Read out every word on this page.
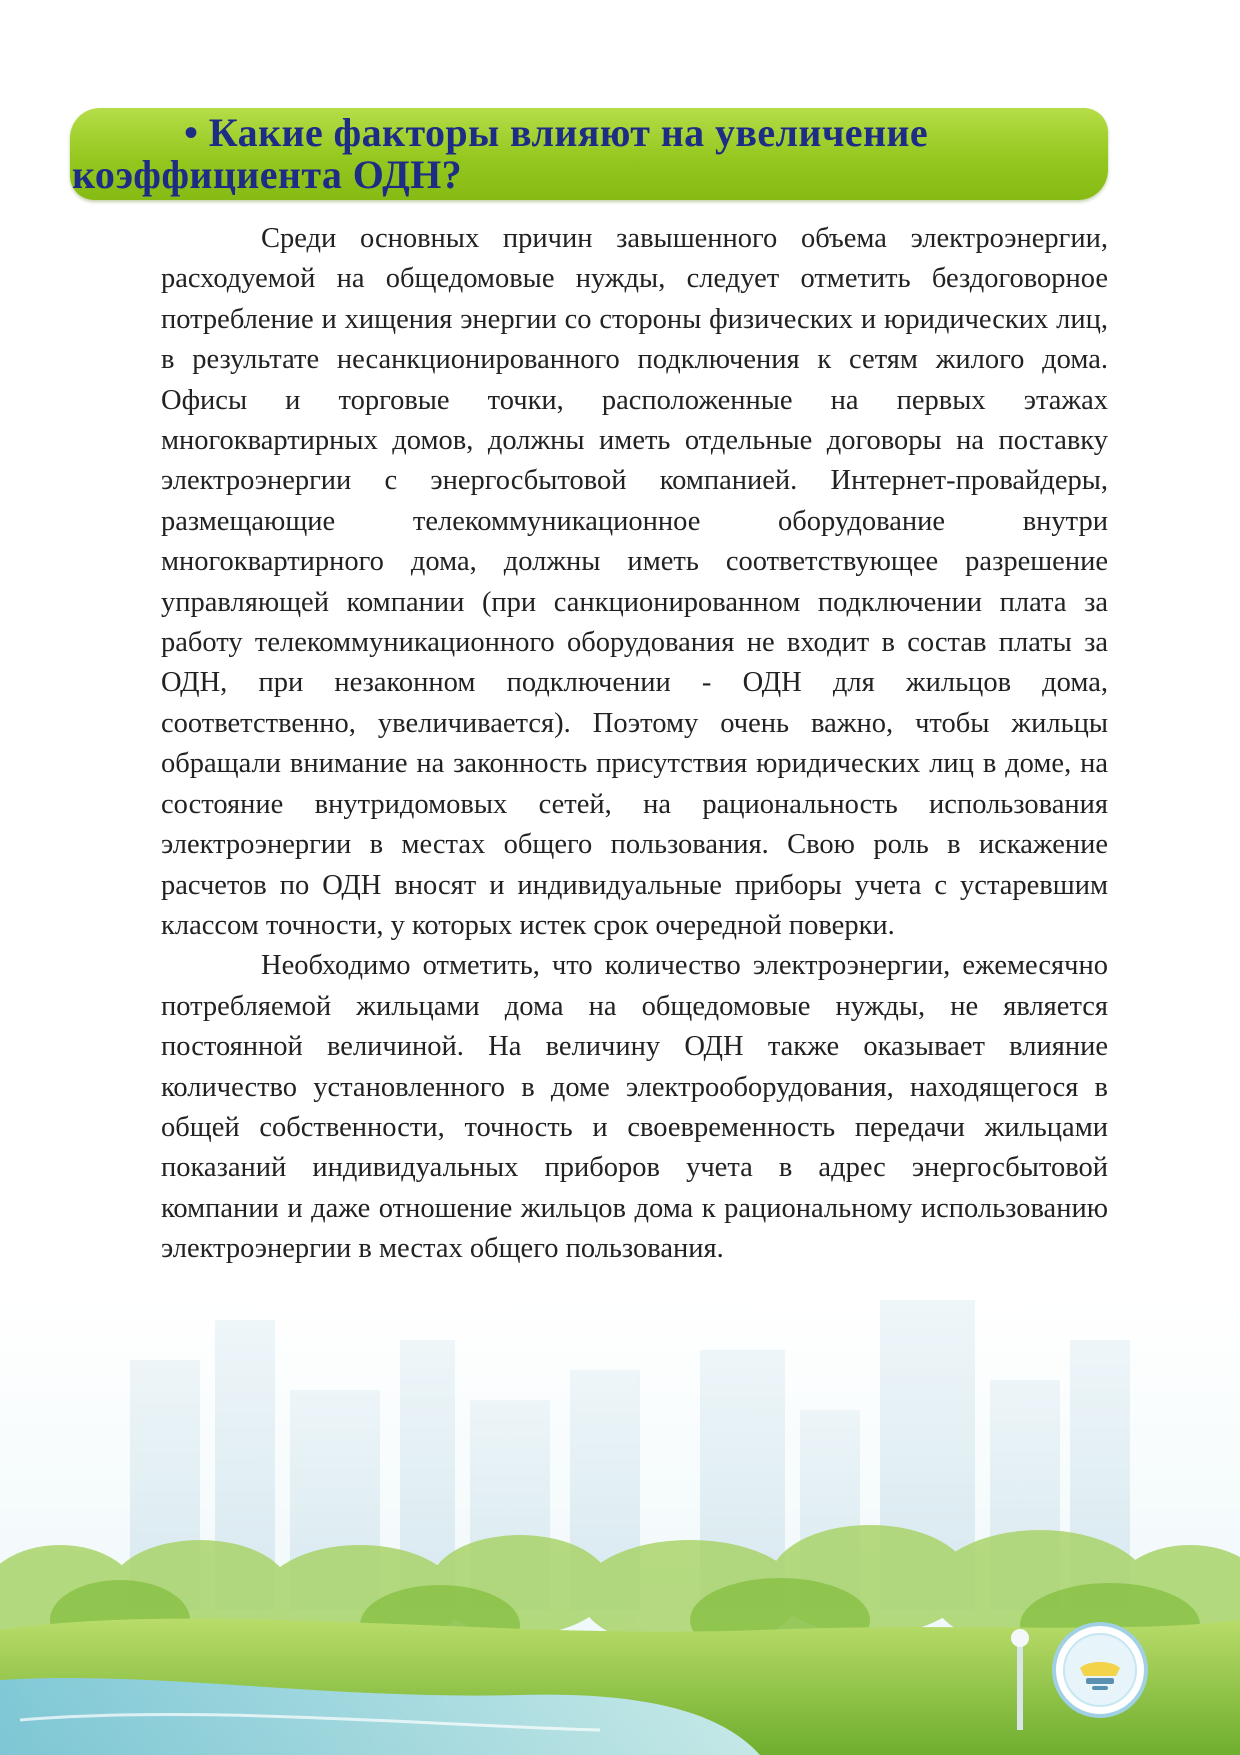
• Какие факторы влияют на увеличение коэффициента ОДН?

Среди основных причин завышенного объема электроэнергии, расходуемой на общедомовые нужды, следует отметить бездоговорное потребление и хищения энергии со стороны физических и юридических лиц, в результате несанкционированного подключения к сетям жилого дома. Офисы и торговые точки, расположенные на первых этажах многоквартирных домов, должны иметь отдельные договоры на поставку электроэнергии с энергосбытовой компанией. Интернет-провайдеры, размещающие телекоммуникационное оборудование внутри многоквартирного дома, должны иметь соответствующее разрешение управляющей компании (при санкционированном подключении плата за работу телекоммуникационного оборудования не входит в состав платы за ОДН, при незаконном подключении - ОДН для жильцов дома, соответственно, увеличивается). Поэтому очень важно, чтобы жильцы обращали внимание на законность присутствия юридических лиц в доме, на состояние внутридомовых сетей, на рациональность использования электроэнергии в местах общего пользования. Свою роль в искажение расчетов по ОДН вносят и индивидуальные приборы учета с устаревшим классом точности, у которых истек срок очередной поверки.

Необходимо отметить, что количество электроэнергии, ежемесячно потребляемой жильцами дома на общедомовые нужды, не является постоянной величиной. На величину ОДН также оказывает влияние количество установленного в доме электрооборудования, находящегося в общей собственности, точность и своевременность передачи жильцами показаний индивидуальных приборов учета в адрес энергосбытовой компании и даже отношение жильцов дома к рациональному использованию электроэнергии в местах общего пользования.
